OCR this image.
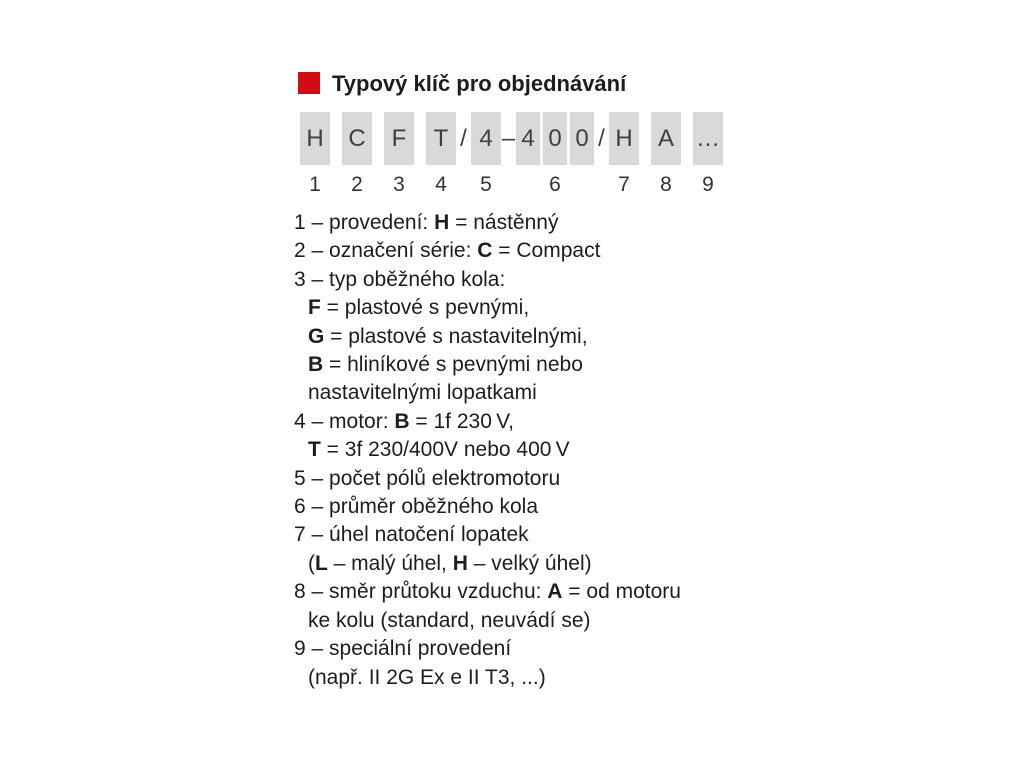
Typový klíč pro objednávání
H
1
C
2
F
3
T
4
/ 4
5
– 4 0 0
6
/ H
7
A
8
…
9
1 – provedení: H = nástěnný
2 – označení série: C = Compact
3 – typ oběžného kola:
F = plastové s pevnými,
G = plastové s nastavitelnými,
B = hliníkové s pevnými nebo
nastavitelnými lopatkami
4 – motor: B = 1f 230 V,
T = 3f 230/400V nebo 400 V
5 – počet pólů elektromotoru
6 – průměr oběžného kola
7 – úhel natočení lopatek
(L – malý úhel, H – velký úhel)
8 – směr průtoku vzduchu: A = od motoru
ke kolu (standard, neuvádí se)
9 – speciální provedení
(např. II 2G Ex e II T3, ...)
